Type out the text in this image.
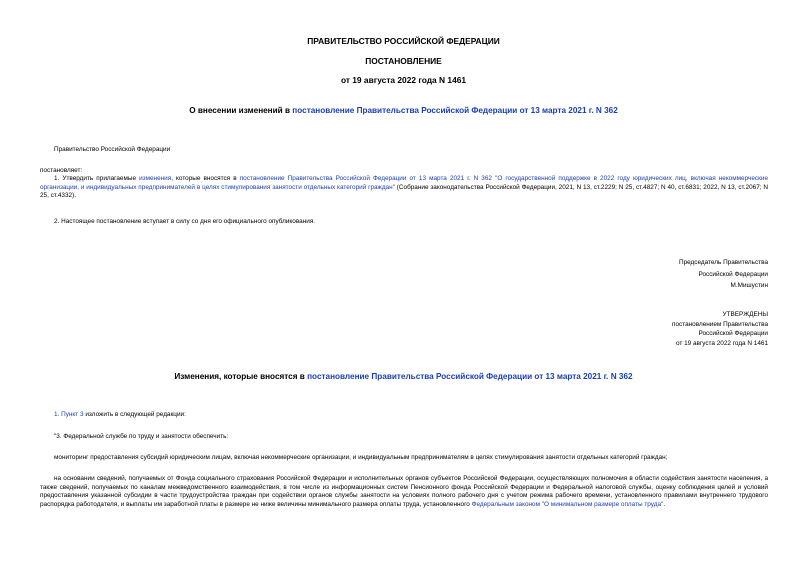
ПРАВИТЕЛЬСТВО РОССИЙСКОЙ ФЕДЕРАЦИИ
ПОСТАНОВЛЕНИЕ
от 19 августа 2022 года N 1461
О внесении изменений в постановление Правительства Российской Федерации от 13 марта 2021 г. N 362
Правительство Российской Федерации
постановляет:
1. Утвердить прилагаемые изменения, которые вносятся в постановление Правительства Российской Федерации от 13 марта 2021 г. N 362 "О государственной поддержке в 2022 году юридических лиц, включая некоммерческие организации, и индивидуальных предпринимателей в целях стимулирования занятости отдельных категорий граждан" (Собрание законодательства Российской Федерации, 2021, N 13, ст.2229; N 25, ст.4827; N 40, ст.6831; 2022, N 13, ст.2067; N 25, ст.4332).
2. Настоящее постановление вступает в силу со дня его официального опубликования.
Председатель Правительства
Российской Федерации
М.Мишустин
УТВЕРЖДЕНЫ
постановлением Правительства
Российской Федерации
от 19 августа 2022 года N 1461
Изменения, которые вносятся в постановление Правительства Российской Федерации от 13 марта 2021 г. N 362
1. Пункт 3 изложить в следующей редакции:
"3. Федеральной службе по труду и занятости обеспечить:
мониторинг предоставления субсидий юридическим лицам, включая некоммерческие организации, и индивидуальным предпринимателям в целях стимулирования занятости отдельных категорий граждан;
на основании сведений, получаемых от Фонда социального страхования Российской Федерации и исполнительных органов субъектов Российской Федерации, осуществляющих полномочия в области содействия занятости населения, а также сведений, получаемых по каналам межведомственного взаимодействия, в том числе из информационных систем Пенсионного фонда Российской Федерации и Федеральной налоговой службы, оценку соблюдения целей и условий предоставления указанной субсидии в части трудоустройства граждан при содействии органов службы занятости на условиях полного рабочего дня с учетом режима рабочего времени, установленного правилами внутреннего трудового распорядка работодателя, и выплаты им заработной платы в размере не ниже величины минимального размера оплаты труда, установленного Федеральным законом "О минимальном размере оплаты труда".
